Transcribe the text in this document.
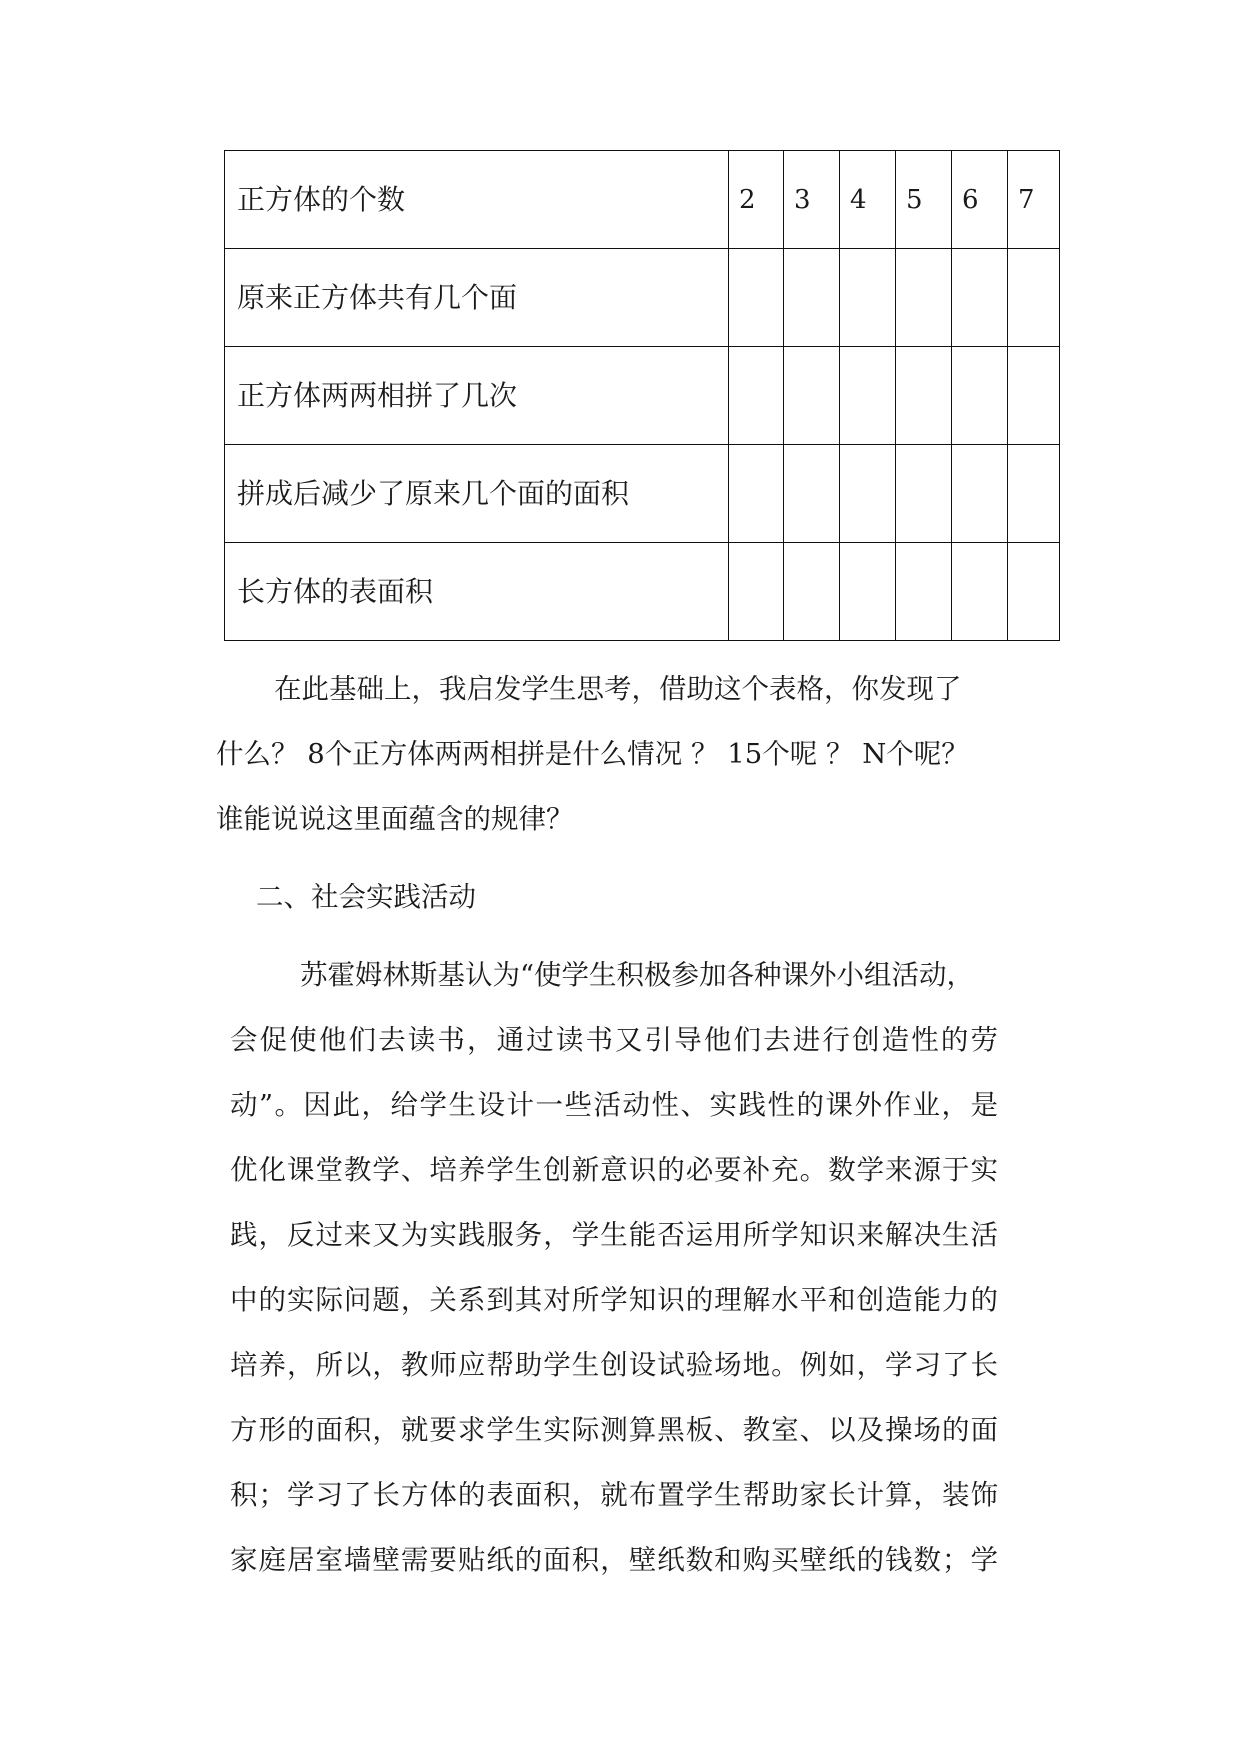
正方体的个数	2	3	4	5	6	7
原来正方体共有几个面						
正方体两两相拼了几次						
拼成后减少了原来几个面的面积						
长方体的表面积						

在此基础上，我启发学生思考，借助这个表格，你发现了

什么？ 8个正方体两两相拼是什么情况 ？ 15个呢 ？ N个呢？

谁能说说这里面蕴含的规律？

二、社会实践活动

苏霍姆林斯基认为“使学生积极参加各种课外小组活动，

会促使他们去读书，通过读书又引导他们去进行创造性的劳

动”。因此，给学生设计一些活动性、实践性的课外作业，是

优化课堂教学、培养学生创新意识的必要补充。数学来源于实

践，反过来又为实践服务，学生能否运用所学知识来解决生活

中的实际问题，关系到其对所学知识的理解水平和创造能力的

培养，所以，教师应帮助学生创设试验场地。例如，学习了长

方形的面积，就要求学生实际测算黑板、教室、以及操场的面

积；学习了长方体的表面积，就布置学生帮助家长计算，装饰

家庭居室墙壁需要贴纸的面积，壁纸数和购买壁纸的钱数；学
